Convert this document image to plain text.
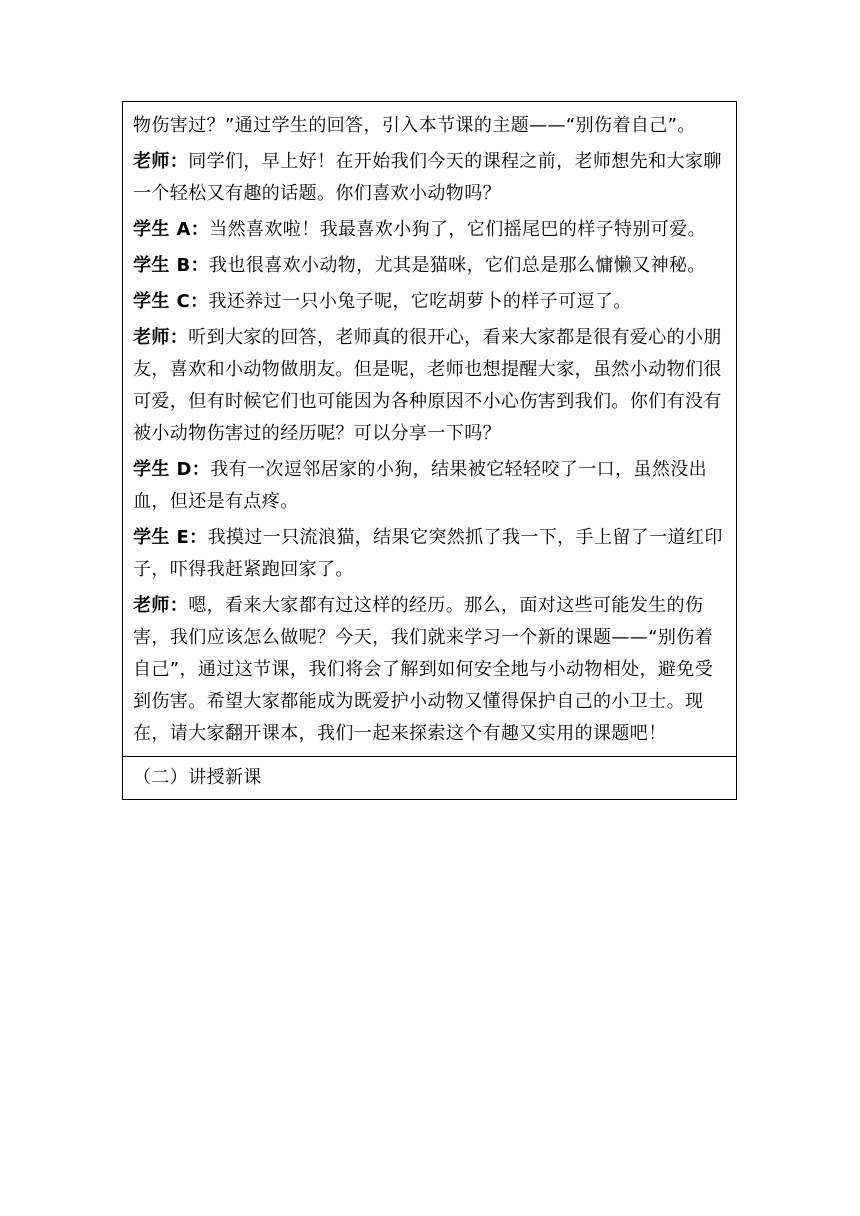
物伤害过？”通过学生的回答，引入本节课的主题——“别伤着自己”。

老师：同学们，早上好！在开始我们今天的课程之前，老师想先和大家聊一个轻松又有趣的话题。你们喜欢小动物吗？

学生 A：当然喜欢啦！我最喜欢小狗了，它们摇尾巴的样子特别可爱。

学生 B：我也很喜欢小动物，尤其是猫咪，它们总是那么慵懒又神秘。

学生 C：我还养过一只小兔子呢，它吃胡萝卜的样子可逗了。

老师：听到大家的回答，老师真的很开心，看来大家都是很有爱心的小朋友，喜欢和小动物做朋友。但是呢，老师也想提醒大家，虽然小动物们很可爱，但有时候它们也可能因为各种原因不小心伤害到我们。你们有没有被小动物伤害过的经历呢？可以分享一下吗？

学生 D：我有一次逗邻居家的小狗，结果被它轻轻咬了一口，虽然没出血，但还是有点疼。

学生 E：我摸过一只流浪猫，结果它突然抓了我一下，手上留了一道红印子，吓得我赶紧跑回家了。

老师：嗯，看来大家都有过这样的经历。那么，面对这些可能发生的伤害，我们应该怎么做呢？今天，我们就来学习一个新的课题——“别伤着自己”，通过这节课，我们将会了解到如何安全地与小动物相处，避免受到伤害。希望大家都能成为既爱护小动物又懂得保护自己的小卫士。现在，请大家翻开课本，我们一起来探索这个有趣又实用的课题吧！

（二）讲授新课
